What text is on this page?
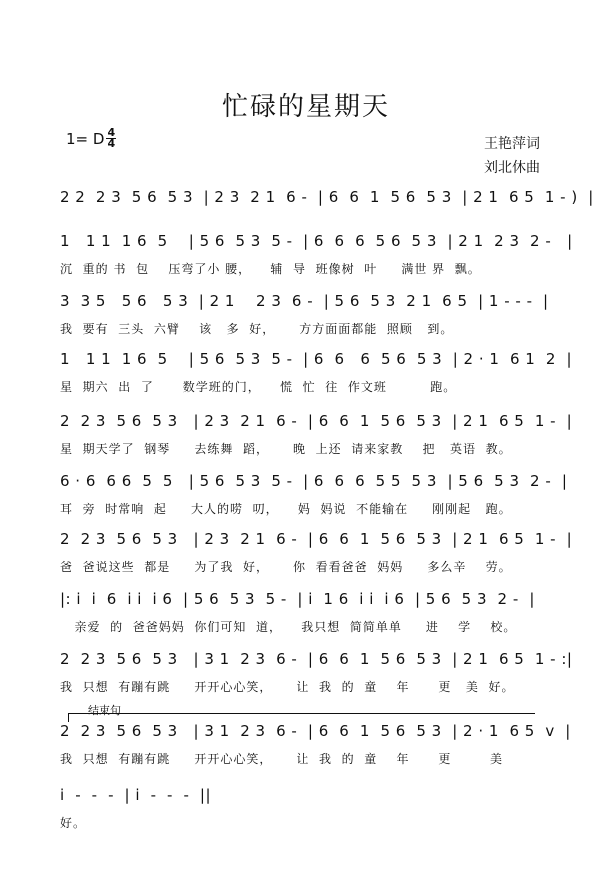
忙碌的星期天
1= D $\frac{4}{4}$	王艳萍词
刘北休曲
2 2  2 3  5 6  5 3  | 2 3  2 1  6 -  | 6  6  1  5 6  5 3  | 2 1  6 5  1 - )  |
1   1 1  1 6  5    | 5 6  5 3  5 -  | 6  6  6  5 6  5 3  | 2 1  2 3  2 -   |
沉  重的 书  包    压弯了小 腰，    辅  导  班像树  叶     满世 界  飘。
3  3 5   5 6   5 3  | 2 1    2 3  6 -  | 5 6  5 3  2 1  6 5  | 1 - - -  |
我  要有  三头  六臂    该   多  好，     方方面面都能  照顾   到。
1   1 1  1 6  5    | 5 6  5 3  5 -  | 6  6   6  5 6  5 3  | 2 · 1  6 1  2  |
星  期六  出  了      数学班的门，    慌  忙  往  作文班         跑。
2  2 3  5 6  5 3   | 2 3  2 1  6 -  | 6  6  1  5 6  5 3  | 2 1  6 5  1 -  |
星  期天学了  钢琴     去练舞  蹈，     晚  上还  请来家教    把   英语  教。
6 · 6  6 6  5  5   | 5 6  5 3  5 -  | 6  6  6  5 5  5 3  | 5 6  5 3  2 -  |
耳  旁  时常响  起     大人的唠  叨，    妈  妈说  不能输在     刚刚起   跑。
2  2 3  5 6  5 3   | 2 3  2 1  6 -  | 6  6  1  5 6  5 3  | 2 1  6 5  1 -  |
爸  爸说这些  都是     为了我  好，     你  看看爸爸  妈妈     多么辛    劳。
|: i  i  6  i i  i 6  | 5 6  5 3  5 -  | i  1 6  i i  i 6  | 5 6  5 3  2 -  |
亲爱  的  爸爸妈妈  你们可知  道，    我只想  简简单单     进    学    校。
2  2 3  5 6  5 3   | 3 1  2 3  6 -  | 6  6  1  5 6  5 3  | 2 1  6 5  1 - :|
我  只想  有蹦有跳     开开心心笑，     让  我  的  童    年      更   美  好。
结束句
2  2 3  5 6  5 3   | 3 1  2 3  6 -  | 6  6  1  5 6  5 3  | 2 · 1  6 5  v  |
我  只想  有蹦有跳     开开心心笑，     让  我  的  童    年      更        美
i  -  -  -  | i  -  -  -  ||
好。
